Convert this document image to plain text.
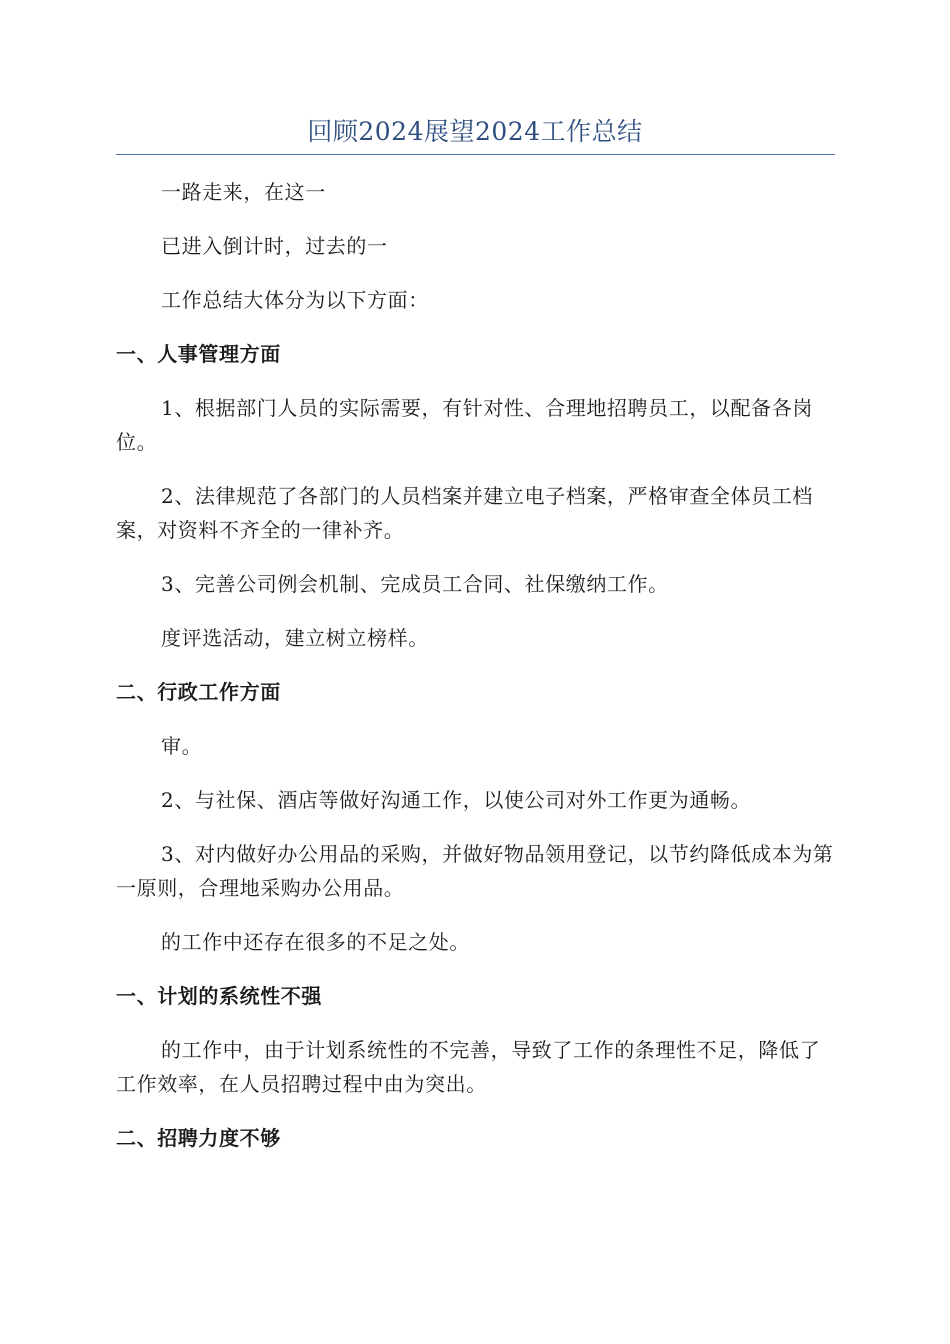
回顾2024展望2024工作总结

一路走来，在这一

已进入倒计时，过去的一

工作总结大体分为以下方面：

一、人事管理方面

1、根据部门人员的实际需要，有针对性、合理地招聘员工，以配备各岗位。

2、法律规范了各部门的人员档案并建立电子档案，严格审查全体员工档案，对资料不齐全的一律补齐。

3、完善公司例会机制、完成员工合同、社保缴纳工作。

度评选活动，建立树立榜样。

二、行政工作方面

审。

2、与社保、酒店等做好沟通工作，以使公司对外工作更为通畅。

3、对内做好办公用品的采购，并做好物品领用登记，以节约降低成本为第一原则，合理地采购办公用品。

的工作中还存在很多的不足之处。

一、计划的系统性不强

的工作中，由于计划系统性的不完善，导致了工作的条理性不足，降低了工作效率，在人员招聘过程中由为突出。

二、招聘力度不够
